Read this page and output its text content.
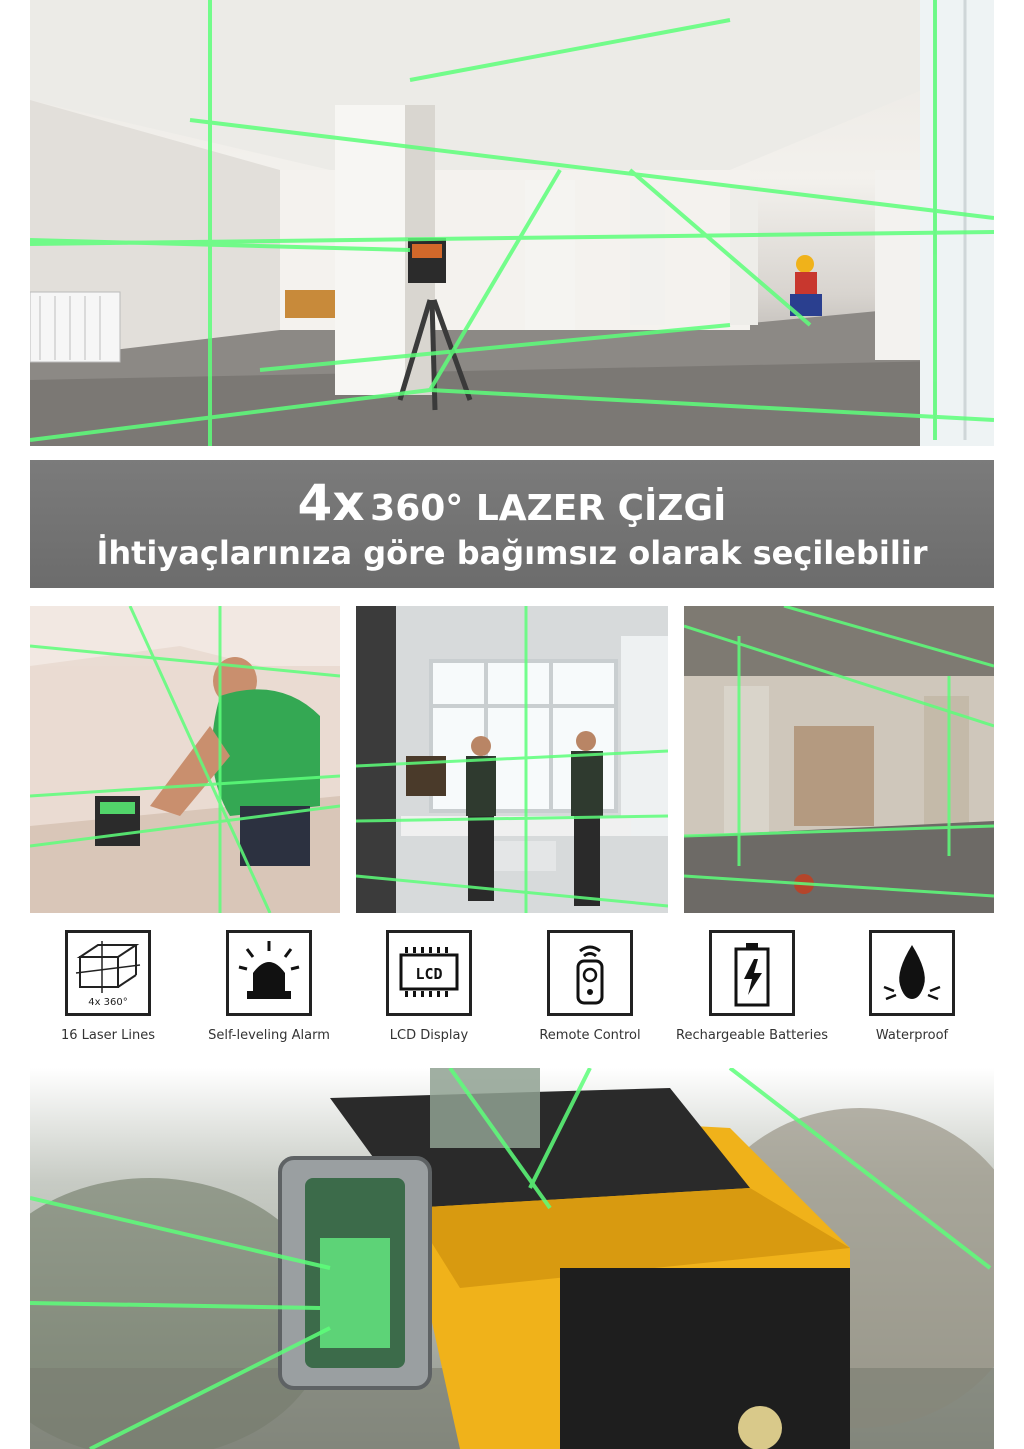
4x 360° LAZER ÇİZGİ
İhtiyaçlarınıza göre bağımsız olarak seçilebilir
4x 360°
16 Laser Lines	Self-leveling Alarm
LCD
LCD Display	Remote Control	Rechargeable Batteries	Waterproof
